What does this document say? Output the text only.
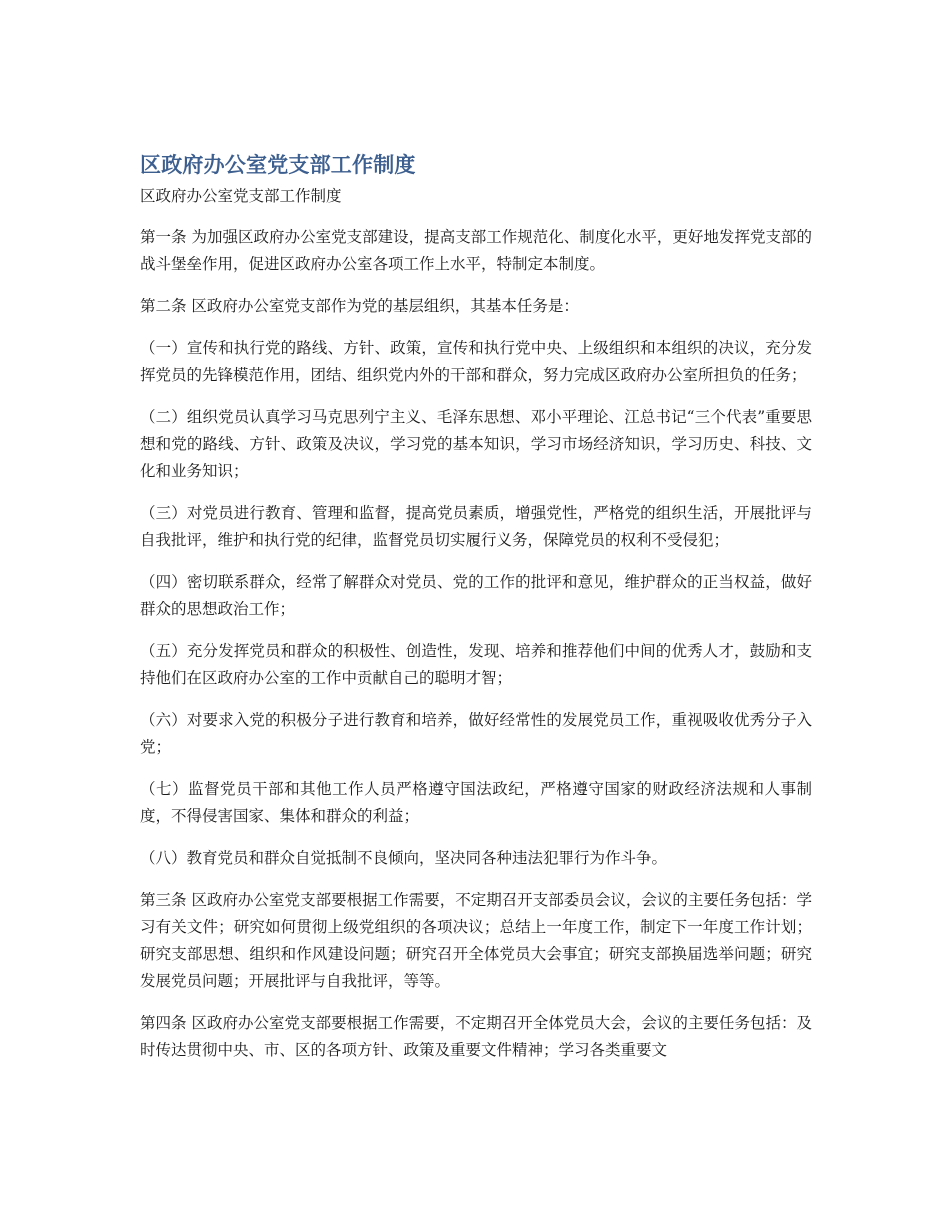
区政府办公室党支部工作制度
区政府办公室党支部工作制度

第一条 为加强区政府办公室党支部建设，提高支部工作规范化、制度化水平，更好地发挥党支部的战斗堡垒作用，促进区政府办公室各项工作上水平，特制定本制度。

第二条 区政府办公室党支部作为党的基层组织，其基本任务是：

（一）宣传和执行党的路线、方针、政策，宣传和执行党中央、上级组织和本组织的决议，充分发挥党员的先锋模范作用，团结、组织党内外的干部和群众，努力完成区政府办公室所担负的任务；

（二）组织党员认真学习马克思列宁主义、毛泽东思想、邓小平理论、江总书记“三个代表”重要思想和党的路线、方针、政策及决议，学习党的基本知识，学习市场经济知识，学习历史、科技、文化和业务知识；

（三）对党员进行教育、管理和监督，提高党员素质，增强党性，严格党的组织生活，开展批评与自我批评，维护和执行党的纪律，监督党员切实履行义务，保障党员的权利不受侵犯；

（四）密切联系群众，经常了解群众对党员、党的工作的批评和意见，维护群众的正当权益，做好群众的思想政治工作；

（五）充分发挥党员和群众的积极性、创造性，发现、培养和推荐他们中间的优秀人才，鼓励和支持他们在区政府办公室的工作中贡献自己的聪明才智；

（六）对要求入党的积极分子进行教育和培养，做好经常性的发展党员工作，重视吸收优秀分子入党；

（七）监督党员干部和其他工作人员严格遵守国法政纪，严格遵守国家的财政经济法规和人事制度，不得侵害国家、集体和群众的利益；

（八）教育党员和群众自觉抵制不良倾向，坚决同各种违法犯罪行为作斗争。

第三条 区政府办公室党支部要根据工作需要，不定期召开支部委员会议，会议的主要任务包括：学习有关文件；研究如何贯彻上级党组织的各项决议；总结上一年度工作，制定下一年度工作计划；研究支部思想、组织和作风建设问题；研究召开全体党员大会事宜；研究支部换届选举问题；研究发展党员问题；开展批评与自我批评，等等。

第四条 区政府办公室党支部要根据工作需要，不定期召开全体党员大会，会议的主要任务包括：及时传达贯彻中央、市、区的各项方针、政策及重要文件精神；学习各类重要文
